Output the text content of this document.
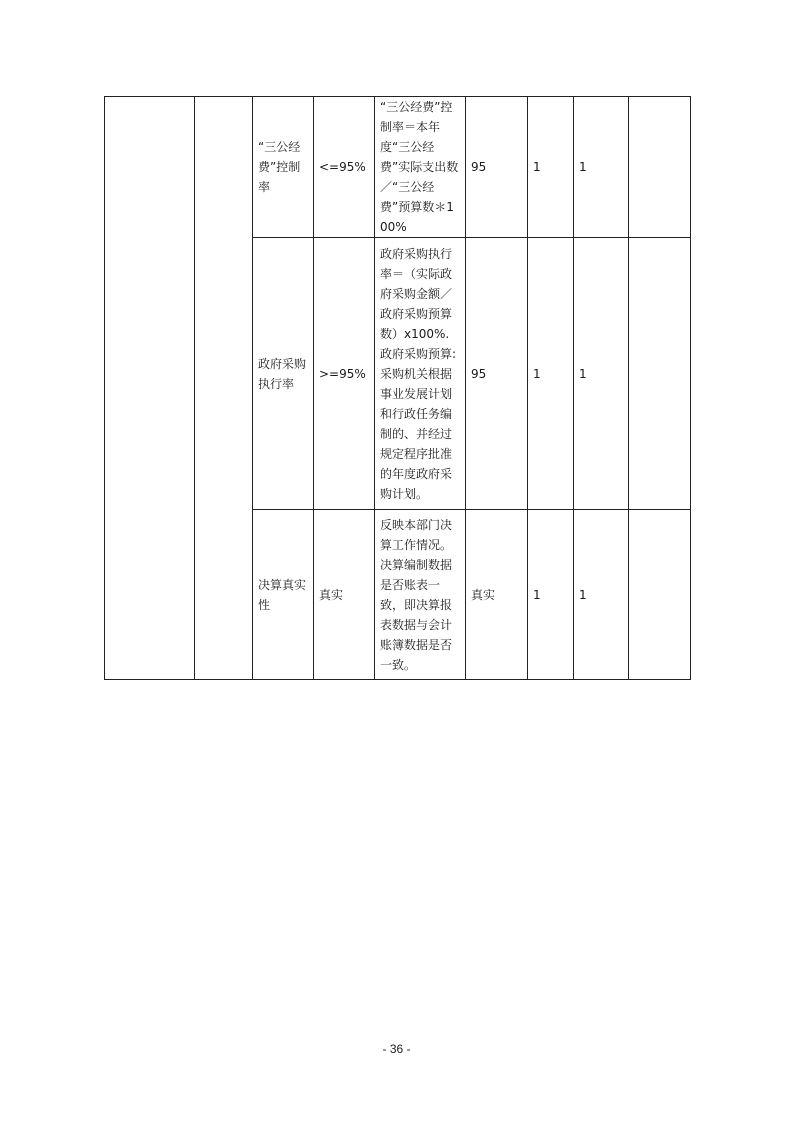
		“三公经费”控制率	<=95%	“三公经费”控制率＝本年度“三公经费”实际支出数／“三公经费”预算数＊100%	95	1	1	
		政府采购执行率	>=95%	政府采购执行率＝（实际政府采购金额／政府采购预算数）x100%.政府采购预算:采购机关根据事业发展计划和行政任务编制的、并经过规定程序批准的年度政府采购计划。	95	1	1	
		决算真实性	真实	反映本部门决算工作情况。决算编制数据是否账表一致，即决算报表数据与会计账簿数据是否一致。	真实	1	1	
- 36 -
